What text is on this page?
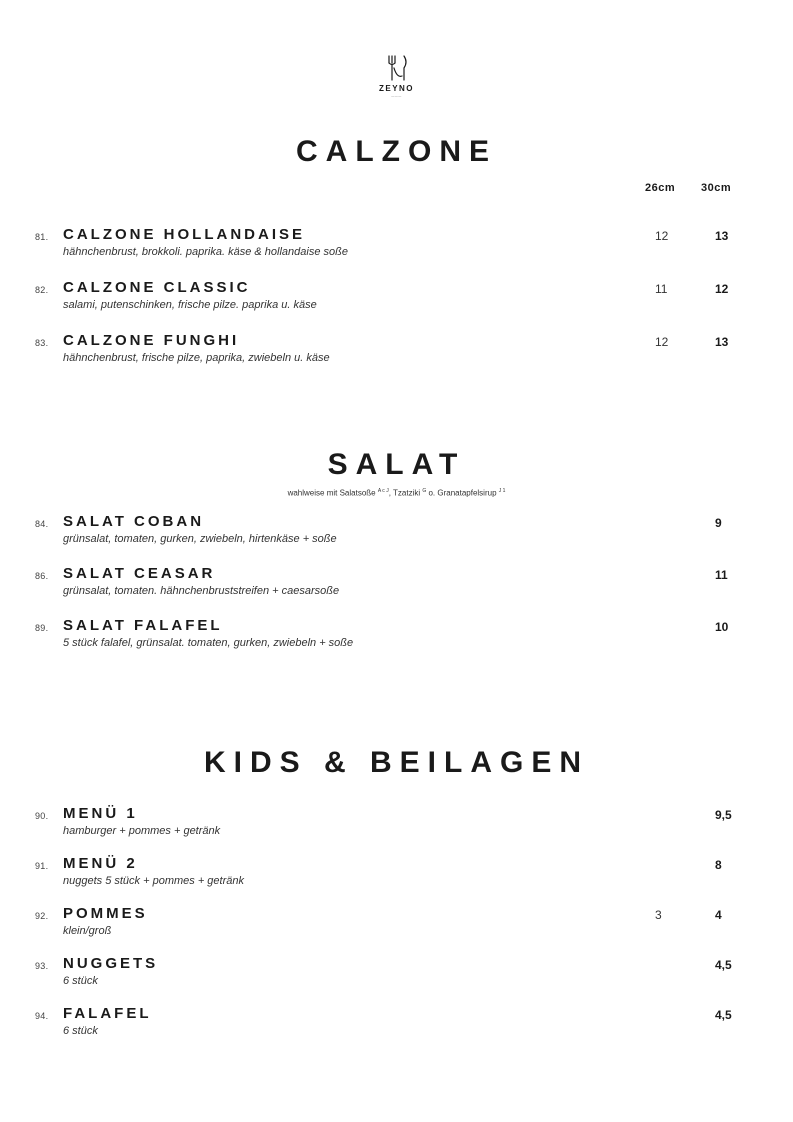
ZEYNO
———
CALZONE
26cm 30cm
81. CALZONE HOLLANDAISE
hähnchenbrust, brokkoli. paprika. käse & hollandaise soße
12	13
82. CALZONE CLASSIC
salami, putenschinken, frische pilze. paprika u. käse
11	12
83. CALZONE FUNGHI
hähnchenbrust, frische pilze, paprika, zwiebeln u. käse
12	13
SALAT
wahlweise mit Salatsoße $^{A c J}$, Tzatziki $^G$ o. Granatapfelsirup $^{J 1}$
84. SALAT COBAN
grünsalat, tomaten, gurken, zwiebeln, hirtenkäse + soße
9
86. SALAT CEASAR
grünsalat, tomaten. hähnchenbruststreifen + caesarsoße
11
89. SALAT FALAFEL
5 stück falafel, grünsalat. tomaten, gurken, zwiebeln + soße
10
KIDS & BEILAGEN
90. MENÜ 1
hamburger + pommes + getränk
9,5
91. MENÜ 2
nuggets 5 stück + pommes + getränk
8
92. POMMES
klein/groß
3	4
93. NUGGETS
6 stück
4,5
94. FALAFEL
6 stück
4,5
